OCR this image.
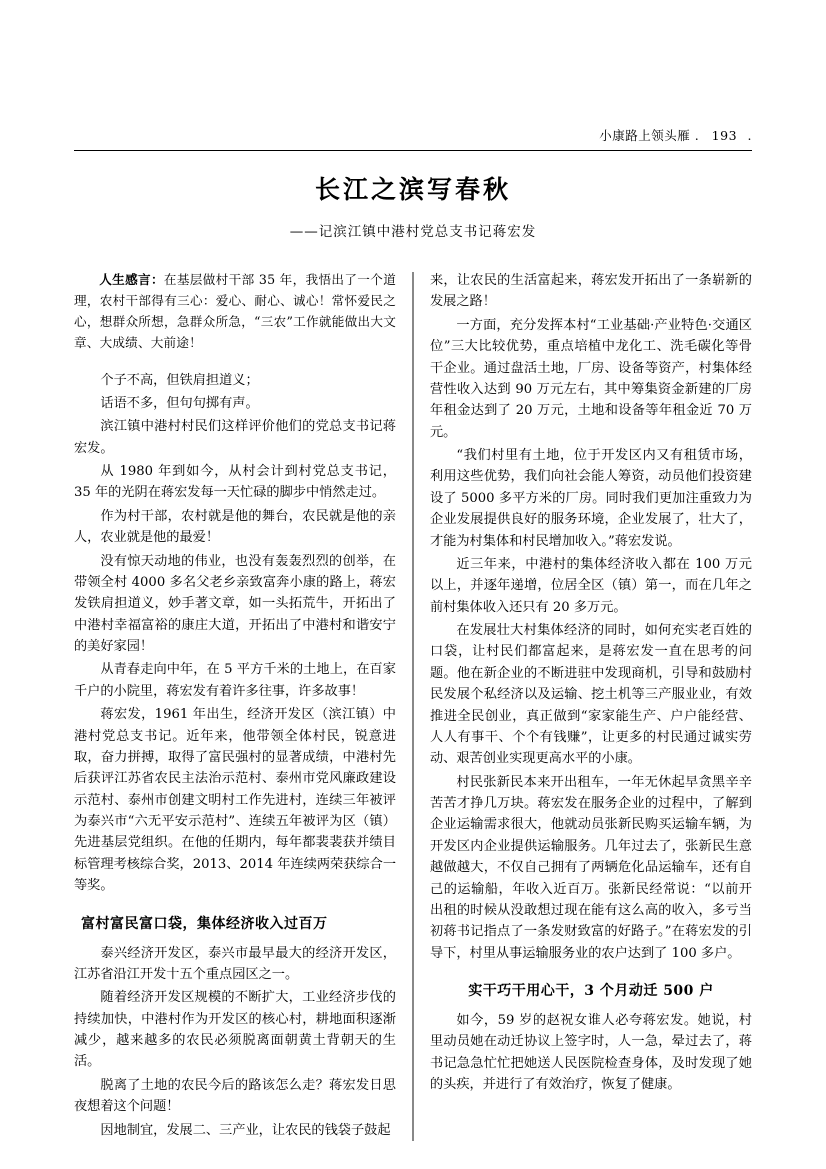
小康路上领头雁 . 193 .
长江之滨写春秋
——记滨江镇中港村党总支书记蒋宏发

人生感言：在基层做村干部 35 年，我悟出了一个道理，农村干部得有三心：爱心、耐心、诚心！常怀爱民之心，想群众所想，急群众所急，“三农”工作就能做出大文章、大成绩、大前途！

个子不高，但铁肩担道义；

话语不多，但句句掷有声。

滨江镇中港村村民们这样评价他们的党总支书记蒋宏发。

从 1980 年到如今，从村会计到村党总支书记，35 年的光阴在蒋宏发每一天忙碌的脚步中悄然走过。

作为村干部，农村就是他的舞台，农民就是他的亲人，农业就是他的最爱！

没有惊天动地的伟业，也没有轰轰烈烈的创举，在带领全村 4000 多名父老乡亲致富奔小康的路上，蒋宏发铁肩担道义，妙手著文章，如一头拓荒牛，开拓出了中港村幸福富裕的康庄大道，开拓出了中港村和谐安宁的美好家园！

从青春走向中年，在 5 平方千米的土地上，在百家千户的小院里，蒋宏发有着许多往事，许多故事！

蒋宏发，1961 年出生，经济开发区（滨江镇）中港村党总支书记。近年来，他带领全体村民，锐意进取，奋力拼搏，取得了富民强村的显著成绩，中港村先后获评江苏省农民主法治示范村、泰州市党风廉政建设示范村、泰州市创建文明村工作先进村，连续三年被评为泰兴市“六无平安示范村”、连续五年被评为区（镇）先进基层党组织。在他的任期内，每年都裴裴获并绩目标管理考核综合奖，2013、2014 年连续两荣获综合一等奖。

富村富民富口袋，集体经济收入过百万

泰兴经济开发区，泰兴市最早最大的经济开发区，江苏省沿江开发十五个重点园区之一。

随着经济开发区规模的不断扩大，工业经济步伐的持续加快，中港村作为开发区的核心村，耕地面积逐渐减少，越来越多的农民必须脱离面朝黄土背朝天的生活。

脱离了土地的农民今后的路该怎么走？蒋宏发日思夜想着这个问题！

因地制宜，发展二、三产业，让农民的钱袋子鼓起

来，让农民的生活富起来，蒋宏发开拓出了一条崭新的发展之路！

一方面，充分发挥本村“工业基础·产业特色·交通区位”三大比较优势，重点培植中龙化工、洗毛碳化等骨干企业。通过盘活土地，厂房、设备等资产，村集体经营性收入达到 90 万元左右，其中筹集资金新建的厂房年租金达到了 20 万元，土地和设备等年租金近 70 万元。

“我们村里有土地，位于开发区内又有租赁市场，利用这些优势，我们向社会能人筹资，动员他们投资建设了 5000 多平方米的厂房。同时我们更加注重致力为企业发展提供良好的服务环境，企业发展了，壮大了，才能为村集体和村民增加收入。”蒋宏发说。

近三年来，中港村的集体经济收入都在 100 万元以上，并逐年递增，位居全区（镇）第一，而在几年之前村集体收入还只有 20 多万元。

在发展壮大村集体经济的同时，如何充实老百姓的口袋，让村民们都富起来，是蒋宏发一直在思考的问题。他在新企业的不断进驻中发现商机，引导和鼓励村民发展个私经济以及运输、挖土机等三产服业业，有效推进全民创业，真正做到“家家能生产、户户能经营、人人有事干、个个有钱赚”，让更多的村民通过诚实劳动、艰苦创业实现更高水平的小康。

村民张新民本来开出租车，一年无休起早贪黑辛辛苦苦才挣几万块。蒋宏发在服务企业的过程中，了解到企业运输需求很大，他就动员张新民购买运输车辆，为开发区内企业提供运输服务。几年过去了，张新民生意越做越大，不仅自己拥有了两辆危化品运输车，还有自己的运输船，年收入近百万。张新民经常说：“以前开出租的时候从没敢想过现在能有这么高的收入，多亏当初蒋书记指点了一条发财致富的好路子。”在蒋宏发的引导下，村里从事运输服务业的农户达到了 100 多户。

实干巧干用心干，3 个月动迁 500 户

如今，59 岁的赵祝女谁人必夸蒋宏发。她说，村里动员她在动迁协议上签字时，人一急，晕过去了，蒋书记急急忙忙把她送人民医院检查身体，及时发现了她的头疾，并进行了有效治疗，恢复了健康。
